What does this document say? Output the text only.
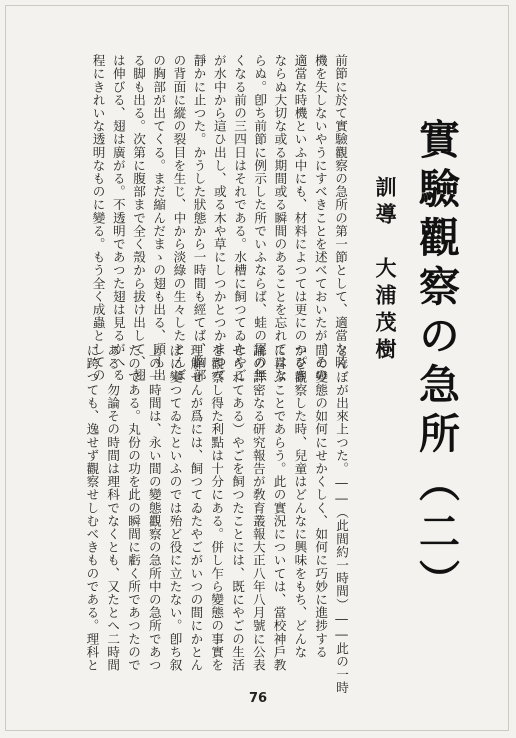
實驗觀察の急所（二）
訓導　大浦茂樹
とんぼが出來上つた。――（此間約一時間）――此の一時
間の變態の如何にせかくしく、如何に巧妙に進捗する
かを觀察した時、兒童はどんなに興味をもち、どんな
に喜ぶことであらう。此の實況については、當校神戶教
諭の詳密なる研究報告が敎育叢報大正八年八月號に公表
せられてある）やごを飼つたことには、既にやごの生活
を觀察し得た利點は十分にある。併し乍ら變態の事實を
理解せんが爲には、飼つてゐたやごがいつの間にかとん
ぼに變つてゐたといふのでは殆ど役に立たない。卽ち叙
上の一時間は、永い間の變態觀察の急所中の急所であつ
たのである。丸份の功を此の瞬間に虧く所であつたので
ある。勿論その時間は理科でなくとも、又たとへ二時間
に跨つても、逸せず觀察せしむべきものである。理科と
前節に於て實驗觀察の急所の第一節として、適當な時
機を失しないやうにすべきことを述べておいたが、その
適當な時機といふ中にも、材料によつては更にのつぴき
ならぬ大切な或る期間或る瞬間のあることを忘れてはな
らぬ。卽ち前節に例示した所でいふならば、蛙の尾の無
くなる前の三四日はそれである。水槽に飼つてゐたやご
が水中から這ひ出し、或る木や草にしつかとつかまつて
靜かに止つた。かうした狀態から一時間も經てば、胸部
の背面に縱の裂目を生じ、中から淡綠の生々したとんぼ
の胸部が出てくる。まだ縮んだまゝの翅も出る、頭も出
る脚も出る。次第に腹部まで全く殼から拔け出して、翅
は伸びる、翅は廣がる。不透明であつた翅は見るがへる
程にきれいな透明なものに變る。もう全く成蟲としての
76
